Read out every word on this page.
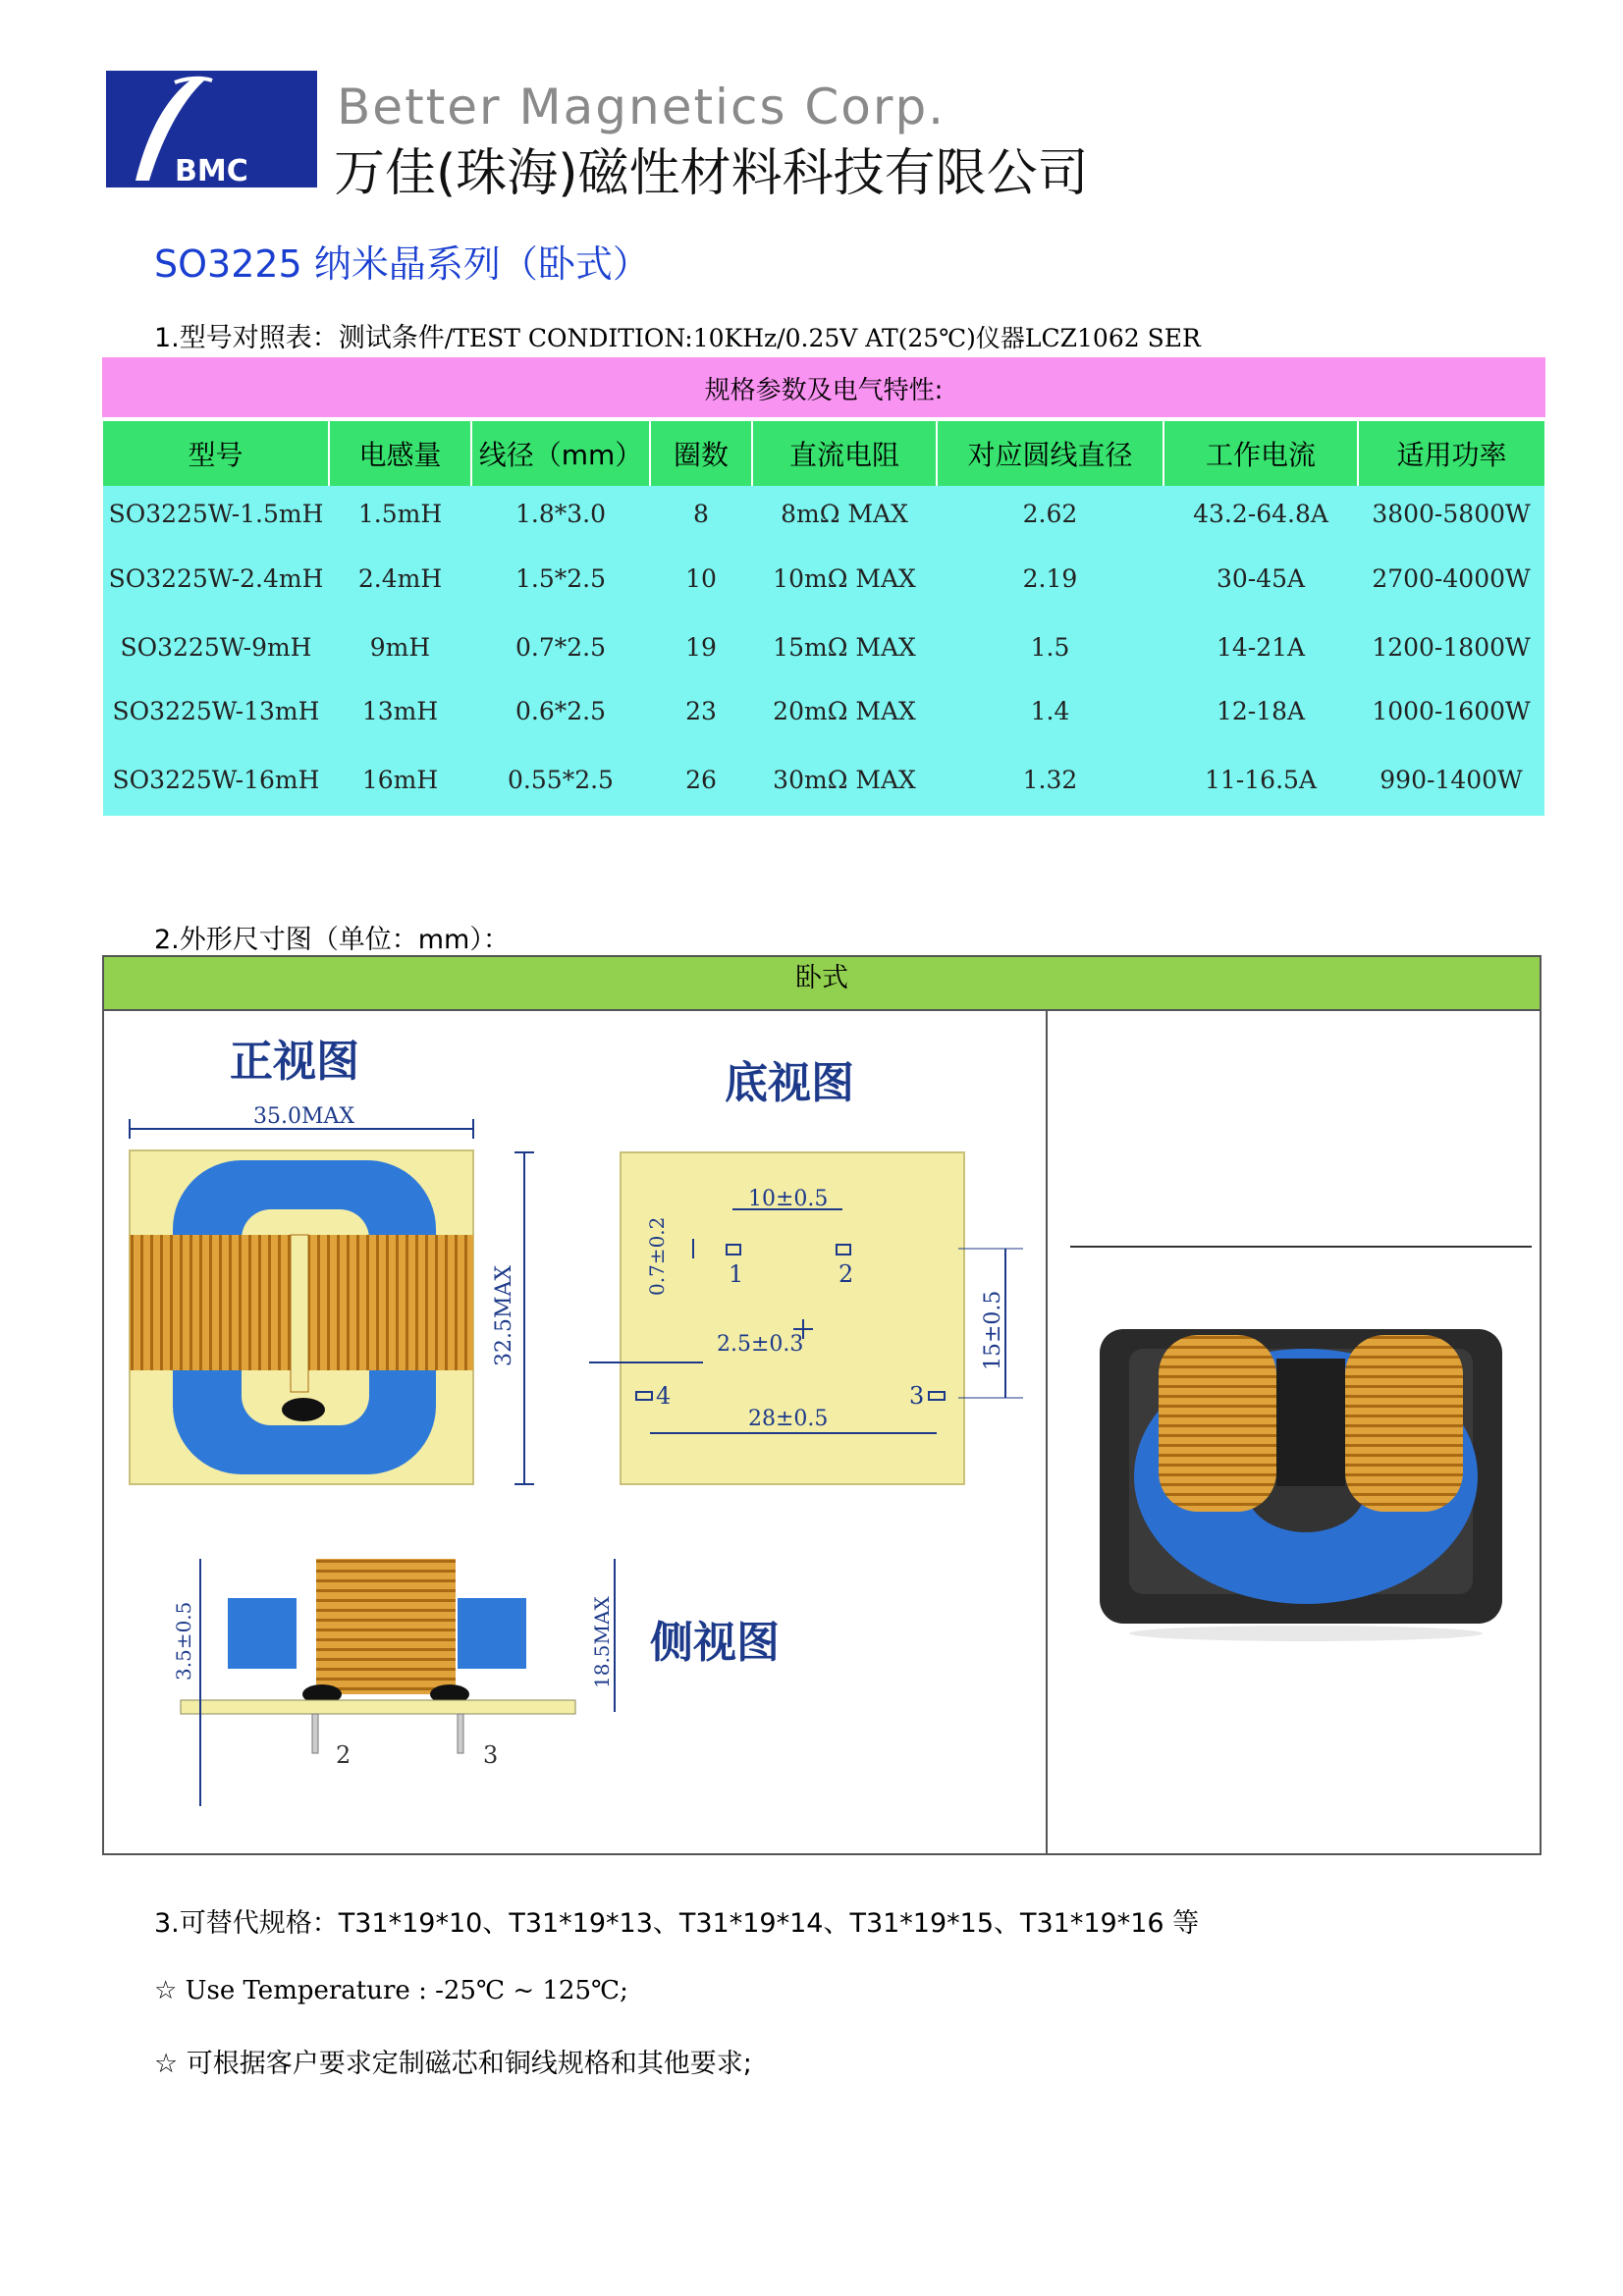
BMC
Better Magnetics Corp.
万佳(珠海)磁性材料科技有限公司
SO3225 纳米晶系列（卧式）
1.型号对照表：测试条件/TEST CONDITION:10KHz/0.25V AT(25℃)仪器LCZ1062 SER
规格参数及电气特性:							
型号	电感量	线径（mm）	圈数	直流电阻	对应圆线直径	工作电流	适用功率
SO3225W-1.5mH	1.5mH	1.8*3.0	8	8mΩ MAX	2.62	43.2-64.8A	3800-5800W
SO3225W-2.4mH	2.4mH	1.5*2.5	10	10mΩ MAX	2.19	30-45A	2700-4000W
SO3225W-9mH	9mH	0.7*2.5	19	15mΩ MAX	1.5	14-21A	1200-1800W
SO3225W-13mH	13mH	0.6*2.5	23	20mΩ MAX	1.4	12-18A	1000-1600W
SO3225W-16mH	16mH	0.55*2.5	26	30mΩ MAX	1.32	11-16.5A	990-1400W
2.外形尺寸图（单位：mm）：
卧式
正视图
35.0MAX
32.5MAX
底视图
10±0.5
1	2
0.7±0.2
2.5±0.3
4	3
28±0.5
15±0.5
2	3
3.5±0.5	18.5MAX 侧视图
3.可替代规格：T31*19*10、T31*19*13、T31*19*14、T31*19*15、T31*19*16 等
☆ Use Temperature : -25℃ ~ 125℃;
☆ 可根据客户要求定制磁芯和铜线规格和其他要求;
